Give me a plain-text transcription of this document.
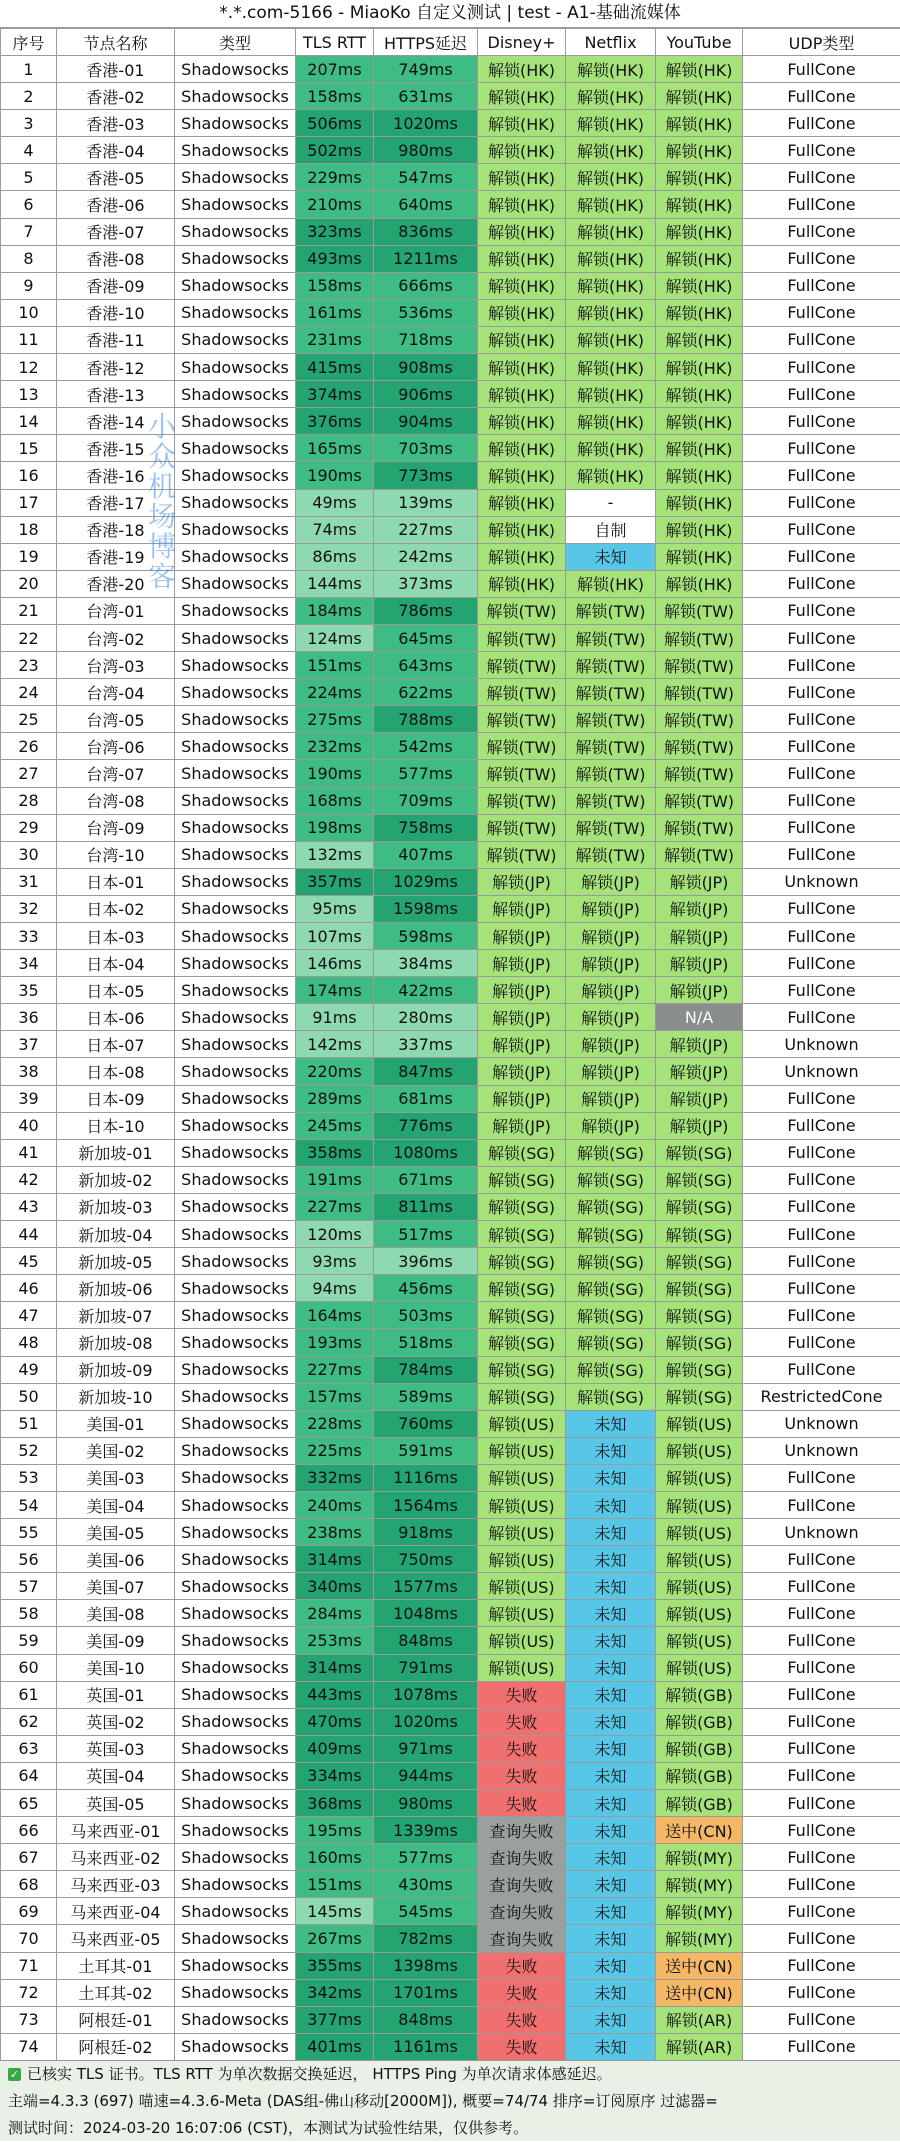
*.*.com-5166 - MiaoKo 自定义测试 | test - A1-基础流媒体
序号	节点名称	类型	TLS RTT	HTTPS延迟	Disney+	Netflix	YouTube	UDP类型
1	香港-01	Shadowsocks	207ms	749ms	解锁(HK)	解锁(HK)	解锁(HK)	FullCone
2	香港-02	Shadowsocks	158ms	631ms	解锁(HK)	解锁(HK)	解锁(HK)	FullCone
3	香港-03	Shadowsocks	506ms	1020ms	解锁(HK)	解锁(HK)	解锁(HK)	FullCone
4	香港-04	Shadowsocks	502ms	980ms	解锁(HK)	解锁(HK)	解锁(HK)	FullCone
5	香港-05	Shadowsocks	229ms	547ms	解锁(HK)	解锁(HK)	解锁(HK)	FullCone
6	香港-06	Shadowsocks	210ms	640ms	解锁(HK)	解锁(HK)	解锁(HK)	FullCone
7	香港-07	Shadowsocks	323ms	836ms	解锁(HK)	解锁(HK)	解锁(HK)	FullCone
8	香港-08	Shadowsocks	493ms	1211ms	解锁(HK)	解锁(HK)	解锁(HK)	FullCone
9	香港-09	Shadowsocks	158ms	666ms	解锁(HK)	解锁(HK)	解锁(HK)	FullCone
10	香港-10	Shadowsocks	161ms	536ms	解锁(HK)	解锁(HK)	解锁(HK)	FullCone
11	香港-11	Shadowsocks	231ms	718ms	解锁(HK)	解锁(HK)	解锁(HK)	FullCone
12	香港-12	Shadowsocks	415ms	908ms	解锁(HK)	解锁(HK)	解锁(HK)	FullCone
13	香港-13	Shadowsocks	374ms	906ms	解锁(HK)	解锁(HK)	解锁(HK)	FullCone
14	香港-14	Shadowsocks	376ms	904ms	解锁(HK)	解锁(HK)	解锁(HK)	FullCone
15	香港-15	Shadowsocks	165ms	703ms	解锁(HK)	解锁(HK)	解锁(HK)	FullCone
16	香港-16	Shadowsocks	190ms	773ms	解锁(HK)	解锁(HK)	解锁(HK)	FullCone
17	香港-17	Shadowsocks	49ms	139ms	解锁(HK)	-	解锁(HK)	FullCone
18	香港-18	Shadowsocks	74ms	227ms	解锁(HK)	自制	解锁(HK)	FullCone
19	香港-19	Shadowsocks	86ms	242ms	解锁(HK)	未知	解锁(HK)	FullCone
20	香港-20	Shadowsocks	144ms	373ms	解锁(HK)	解锁(HK)	解锁(HK)	FullCone
21	台湾-01	Shadowsocks	184ms	786ms	解锁(TW)	解锁(TW)	解锁(TW)	FullCone
22	台湾-02	Shadowsocks	124ms	645ms	解锁(TW)	解锁(TW)	解锁(TW)	FullCone
23	台湾-03	Shadowsocks	151ms	643ms	解锁(TW)	解锁(TW)	解锁(TW)	FullCone
24	台湾-04	Shadowsocks	224ms	622ms	解锁(TW)	解锁(TW)	解锁(TW)	FullCone
25	台湾-05	Shadowsocks	275ms	788ms	解锁(TW)	解锁(TW)	解锁(TW)	FullCone
26	台湾-06	Shadowsocks	232ms	542ms	解锁(TW)	解锁(TW)	解锁(TW)	FullCone
27	台湾-07	Shadowsocks	190ms	577ms	解锁(TW)	解锁(TW)	解锁(TW)	FullCone
28	台湾-08	Shadowsocks	168ms	709ms	解锁(TW)	解锁(TW)	解锁(TW)	FullCone
29	台湾-09	Shadowsocks	198ms	758ms	解锁(TW)	解锁(TW)	解锁(TW)	FullCone
30	台湾-10	Shadowsocks	132ms	407ms	解锁(TW)	解锁(TW)	解锁(TW)	FullCone
31	日本-01	Shadowsocks	357ms	1029ms	解锁(JP)	解锁(JP)	解锁(JP)	Unknown
32	日本-02	Shadowsocks	95ms	1598ms	解锁(JP)	解锁(JP)	解锁(JP)	FullCone
33	日本-03	Shadowsocks	107ms	598ms	解锁(JP)	解锁(JP)	解锁(JP)	FullCone
34	日本-04	Shadowsocks	146ms	384ms	解锁(JP)	解锁(JP)	解锁(JP)	FullCone
35	日本-05	Shadowsocks	174ms	422ms	解锁(JP)	解锁(JP)	解锁(JP)	FullCone
36	日本-06	Shadowsocks	91ms	280ms	解锁(JP)	解锁(JP)	N/A	FullCone
37	日本-07	Shadowsocks	142ms	337ms	解锁(JP)	解锁(JP)	解锁(JP)	Unknown
38	日本-08	Shadowsocks	220ms	847ms	解锁(JP)	解锁(JP)	解锁(JP)	Unknown
39	日本-09	Shadowsocks	289ms	681ms	解锁(JP)	解锁(JP)	解锁(JP)	FullCone
40	日本-10	Shadowsocks	245ms	776ms	解锁(JP)	解锁(JP)	解锁(JP)	FullCone
41	新加坡-01	Shadowsocks	358ms	1080ms	解锁(SG)	解锁(SG)	解锁(SG)	FullCone
42	新加坡-02	Shadowsocks	191ms	671ms	解锁(SG)	解锁(SG)	解锁(SG)	FullCone
43	新加坡-03	Shadowsocks	227ms	811ms	解锁(SG)	解锁(SG)	解锁(SG)	FullCone
44	新加坡-04	Shadowsocks	120ms	517ms	解锁(SG)	解锁(SG)	解锁(SG)	FullCone
45	新加坡-05	Shadowsocks	93ms	396ms	解锁(SG)	解锁(SG)	解锁(SG)	FullCone
46	新加坡-06	Shadowsocks	94ms	456ms	解锁(SG)	解锁(SG)	解锁(SG)	FullCone
47	新加坡-07	Shadowsocks	164ms	503ms	解锁(SG)	解锁(SG)	解锁(SG)	FullCone
48	新加坡-08	Shadowsocks	193ms	518ms	解锁(SG)	解锁(SG)	解锁(SG)	FullCone
49	新加坡-09	Shadowsocks	227ms	784ms	解锁(SG)	解锁(SG)	解锁(SG)	FullCone
50	新加坡-10	Shadowsocks	157ms	589ms	解锁(SG)	解锁(SG)	解锁(SG)	RestrictedCone
51	美国-01	Shadowsocks	228ms	760ms	解锁(US)	未知	解锁(US)	Unknown
52	美国-02	Shadowsocks	225ms	591ms	解锁(US)	未知	解锁(US)	Unknown
53	美国-03	Shadowsocks	332ms	1116ms	解锁(US)	未知	解锁(US)	FullCone
54	美国-04	Shadowsocks	240ms	1564ms	解锁(US)	未知	解锁(US)	FullCone
55	美国-05	Shadowsocks	238ms	918ms	解锁(US)	未知	解锁(US)	Unknown
56	美国-06	Shadowsocks	314ms	750ms	解锁(US)	未知	解锁(US)	FullCone
57	美国-07	Shadowsocks	340ms	1577ms	解锁(US)	未知	解锁(US)	FullCone
58	美国-08	Shadowsocks	284ms	1048ms	解锁(US)	未知	解锁(US)	FullCone
59	美国-09	Shadowsocks	253ms	848ms	解锁(US)	未知	解锁(US)	FullCone
60	美国-10	Shadowsocks	314ms	791ms	解锁(US)	未知	解锁(US)	FullCone
61	英国-01	Shadowsocks	443ms	1078ms	失败	未知	解锁(GB)	FullCone
62	英国-02	Shadowsocks	470ms	1020ms	失败	未知	解锁(GB)	FullCone
63	英国-03	Shadowsocks	409ms	971ms	失败	未知	解锁(GB)	FullCone
64	英国-04	Shadowsocks	334ms	944ms	失败	未知	解锁(GB)	FullCone
65	英国-05	Shadowsocks	368ms	980ms	失败	未知	解锁(GB)	FullCone
66	马来西亚-01	Shadowsocks	195ms	1339ms	查询失败	未知	送中(CN)	FullCone
67	马来西亚-02	Shadowsocks	160ms	577ms	查询失败	未知	解锁(MY)	FullCone
68	马来西亚-03	Shadowsocks	151ms	430ms	查询失败	未知	解锁(MY)	FullCone
69	马来西亚-04	Shadowsocks	145ms	545ms	查询失败	未知	解锁(MY)	FullCone
70	马来西亚-05	Shadowsocks	267ms	782ms	查询失败	未知	解锁(MY)	FullCone
71	土耳其-01	Shadowsocks	355ms	1398ms	失败	未知	送中(CN)	FullCone
72	土耳其-02	Shadowsocks	342ms	1701ms	失败	未知	送中(CN)	FullCone
73	阿根廷-01	Shadowsocks	377ms	848ms	失败	未知	解锁(AR)	FullCone
74	阿根廷-02	Shadowsocks	401ms	1161ms	失败	未知	解锁(AR)	FullCone
小众机场博客
✓ 已核实 TLS 证书。TLS RTT 为单次数据交换延迟， HTTPS Ping 为单次请求体感延迟。
主端=4.3.3 (697) 喵速=4.3.6-Meta (DAS组-佛山移动[2000M]), 概要=74/74 排序=订阅原序 过滤器=
测试时间：2024-03-20 16:07:06 (CST)，本测试为试验性结果，仅供参考。
